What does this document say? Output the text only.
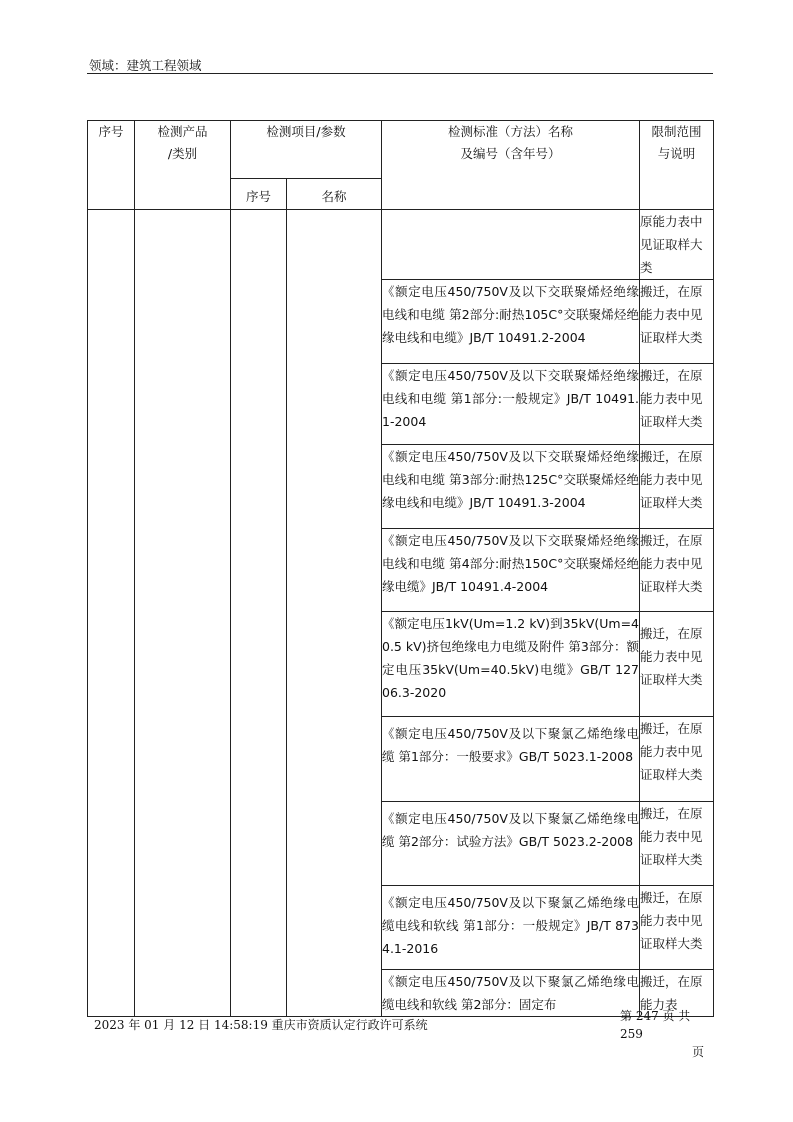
领域：建筑工程领域
序号	检测产品
/类别	检测项目/参数		检测标准（方法）名称
及编号（含年号）	限制范围
与说明
		序号	名称		
					原能力表中见证取样大类
				《额定电压450/750V及以下交联聚烯烃绝缘电线和电缆 第2部分:耐热105C°交联聚烯烃绝缘电线和电缆》JB/T 10491.2-2004	搬迁，在原能力表中见证取样大类
				《额定电压450/750V及以下交联聚烯烃绝缘电线和电缆 第1部分:一般规定》JB/T 10491.1-2004	搬迁，在原能力表中见证取样大类
				《额定电压450/750V及以下交联聚烯烃绝缘电线和电缆 第3部分:耐热125C°交联聚烯烃绝缘电线和电缆》JB/T 10491.3-2004	搬迁，在原能力表中见证取样大类
				《额定电压450/750V及以下交联聚烯烃绝缘电线和电缆 第4部分:耐热150C°交联聚烯烃绝缘电缆》JB/T 10491.4-2004	搬迁，在原能力表中见证取样大类
				《额定电压1kV(Um=1.2 kV)到35kV(Um=40.5 kV)挤包绝缘电力电缆及附件 第3部分：额定电压35kV(Um=40.5kV)电缆》GB/T 12706.3-2020	搬迁，在原能力表中见证取样大类
				《额定电压450/750V及以下聚氯乙烯绝缘电缆 第1部分：一般要求》GB/T 5023.1-2008	搬迁，在原能力表中见证取样大类
				《额定电压450/750V及以下聚氯乙烯绝缘电缆 第2部分：试验方法》GB/T 5023.2-2008	搬迁，在原能力表中见证取样大类
				《额定电压450/750V及以下聚氯乙烯绝缘电缆电线和软线 第1部分：一般规定》JB/T 8734.1-2016	搬迁，在原能力表中见证取样大类
				《额定电压450/750V及以下聚氯乙烯绝缘电缆电线和软线 第2部分：固定布	搬迁，在原能力表
2023 年 01 月 12 日 14:58:19 重庆市资质认定行政许可系统
第 247 页 共 259
页
